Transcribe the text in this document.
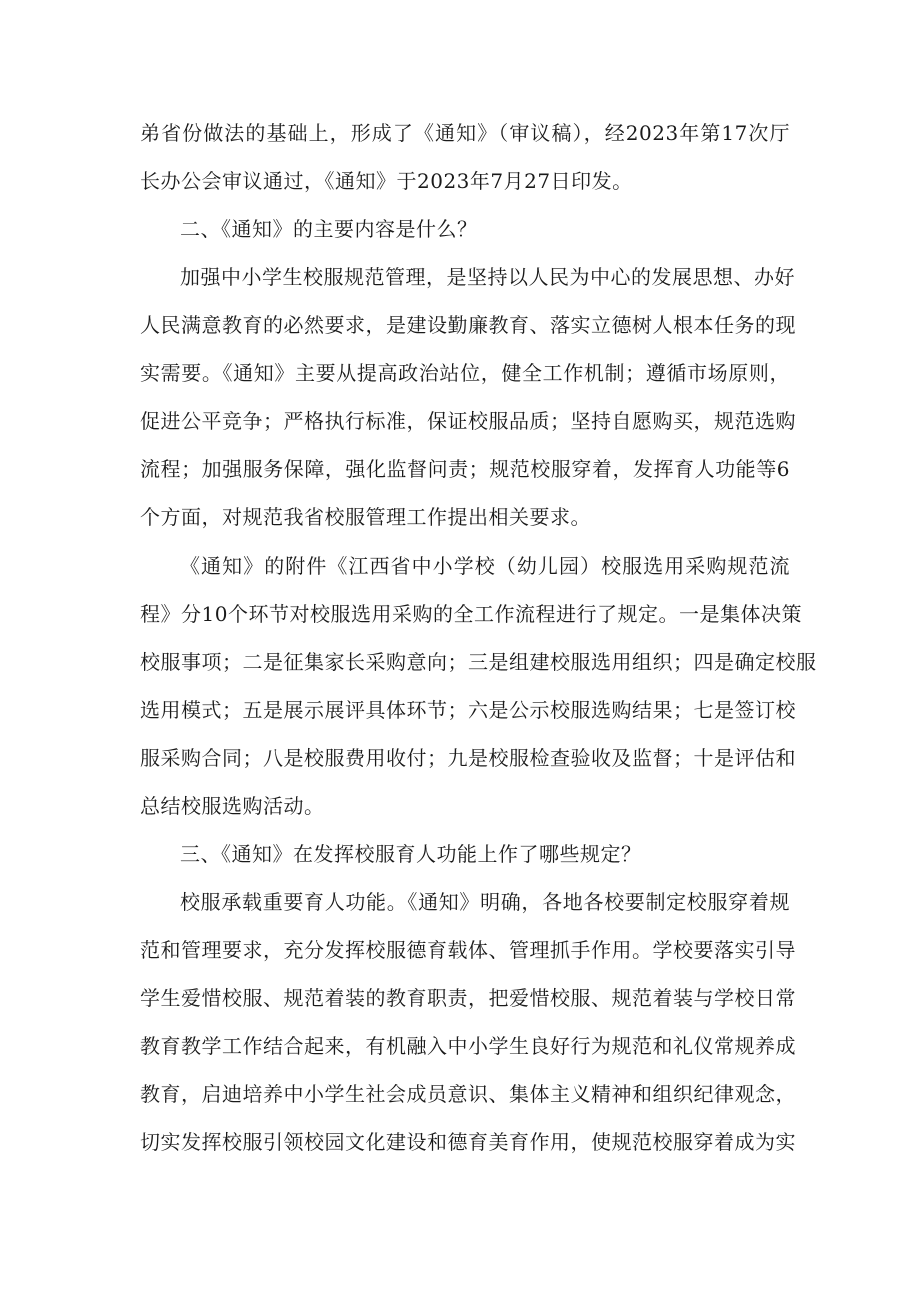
弟省份做法的基础上，形成了《通知》（审议稿），经2023年第17次厅
长办公会审议通过，《通知》于2023年7月27日印发。
二、《通知》的主要内容是什么？
加强中小学生校服规范管理，是坚持以人民为中心的发展思想、办好
人民满意教育的必然要求，是建设勤廉教育、落实立德树人根本任务的现
实需要。《通知》主要从提高政治站位，健全工作机制；遵循市场原则，
促进公平竞争；严格执行标准，保证校服品质；坚持自愿购买，规范选购
流程；加强服务保障，强化监督问责；规范校服穿着，发挥育人功能等6
个方面，对规范我省校服管理工作提出相关要求。
《通知》的附件《江西省中小学校（幼儿园）校服选用采购规范流
程》分10个环节对校服选用采购的全工作流程进行了规定。一是集体决策
校服事项；二是征集家长采购意向；三是组建校服选用组织；四是确定校服
选用模式；五是展示展评具体环节；六是公示校服选购结果；七是签订校
服采购合同；八是校服费用收付；九是校服检查验收及监督；十是评估和
总结校服选购活动。
三、《通知》在发挥校服育人功能上作了哪些规定？
校服承载重要育人功能。《通知》明确，各地各校要制定校服穿着规
范和管理要求，充分发挥校服德育载体、管理抓手作用。学校要落实引导
学生爱惜校服、规范着装的教育职责，把爱惜校服、规范着装与学校日常
教育教学工作结合起来，有机融入中小学生良好行为规范和礼仪常规养成
教育，启迪培养中小学生社会成员意识、集体主义精神和组织纪律观念，
切实发挥校服引领校园文化建设和德育美育作用，使规范校服穿着成为实
